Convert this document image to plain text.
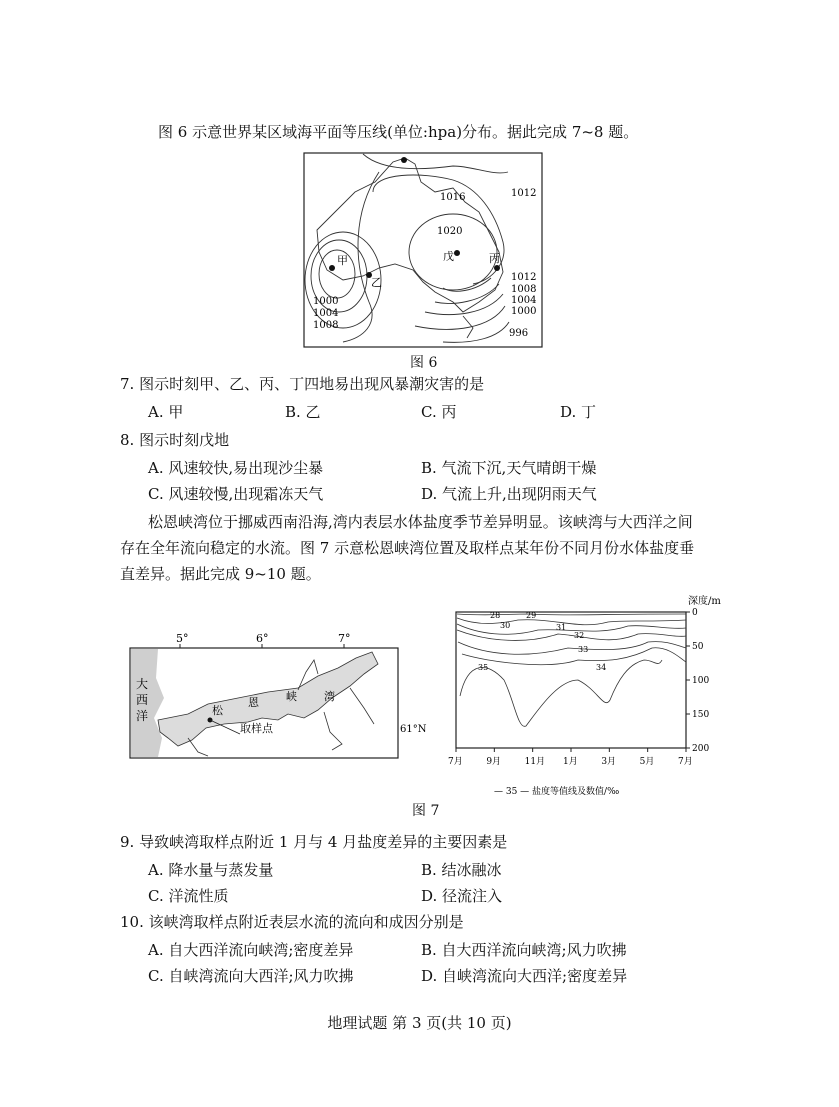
图 6 示意世界某区域海平面等压线(单位:hpa)分布。据此完成 7~8 题。
1012
1016
1020
1012
1008
1004
1000
996
1000
1004
1008
甲
乙
丙
戊
图 6
7. 图示时刻甲、乙、丙、丁四地易出现风暴潮灾害的是
A. 甲	B. 乙	C. 丙	D. 丁
8. 图示时刻戊地
A. 风速较快,易出现沙尘暴	B. 气流下沉,天气晴朗干燥
C. 风速较慢,出现霜冻天气	D. 气流上升,出现阴雨天气
松恩峡湾位于挪威西南沿海,湾内表层水体盐度季节差异明显。该峡湾与大西洋之间
存在全年流向稳定的水流。图 7 示意松恩峡湾位置及取样点某年份不同月份水体盐度垂
直差异。据此完成 9~10 题。
5°	6°	7°
大
西
洋	松
恩 峡 湾
取样点	61°N
深度/m
0
50
100
150
200
7月	9月	11月 1月	3月	5月	7月
28	29
30	31
32
33
34
35
— 35 — 盐度等值线及数值/‰
图 7
9. 导致峡湾取样点附近 1 月与 4 月盐度差异的主要因素是
A. 降水量与蒸发量	B. 结冰融冰
C. 洋流性质	D. 径流注入
10. 该峡湾取样点附近表层水流的流向和成因分别是
A. 自大西洋流向峡湾;密度差异	B. 自大西洋流向峡湾;风力吹拂
C. 自峡湾流向大西洋;风力吹拂	D. 自峡湾流向大西洋;密度差异
地理试题 第 3 页(共 10 页)
